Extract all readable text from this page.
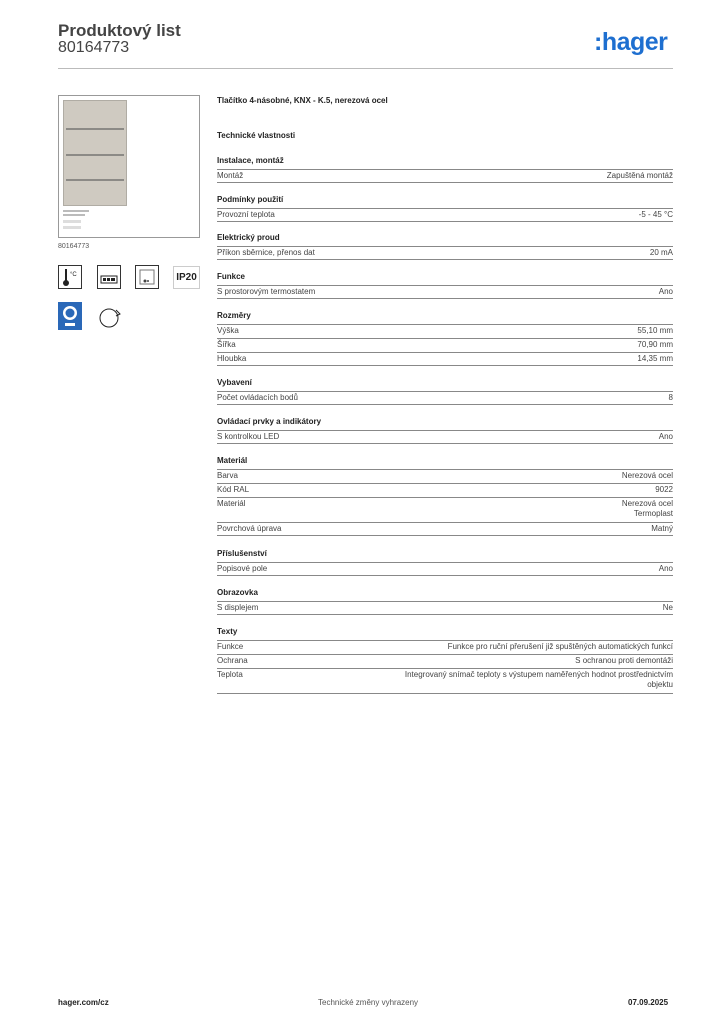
Produktový list
80164773	:hager
80164773
°C	IP20
Tlačítko 4-násobné, KNX - K.5, nerezová ocel
Technické vlastnosti
Instalace, montáž
Montáž	Zapuštěná montáž
Podmínky použití
Provozní teplota	-5 - 45 °C
Elektrický proud
Příkon sběrnice, přenos dat	20 mA
Funkce
S prostorovým termostatem	Ano
Rozměry
Výška	55,10 mm
Šířka	70,90 mm
Hloubka	14,35 mm
Vybavení
Počet ovládacích bodů	8
Ovládací prvky a indikátory
S kontrolkou LED	Ano
Materiál
Barva	Nerezová ocel
Kód RAL	9022
Materiál	Nerezová ocel
Termoplast
Povrchová úprava	Matný
Příslušenství
Popisové pole	Ano
Obrazovka
S displejem	Ne
Texty
Funkce	Funkce pro ruční přerušení již spuštěných automatických funkcí
Ochrana	S ochranou proti demontáži
Teplota	Integrovaný snímač teploty s výstupem naměřených hodnot prostřednictvím
objektu
hager.com/cz	Technické změny vyhrazeny	07.09.2025
